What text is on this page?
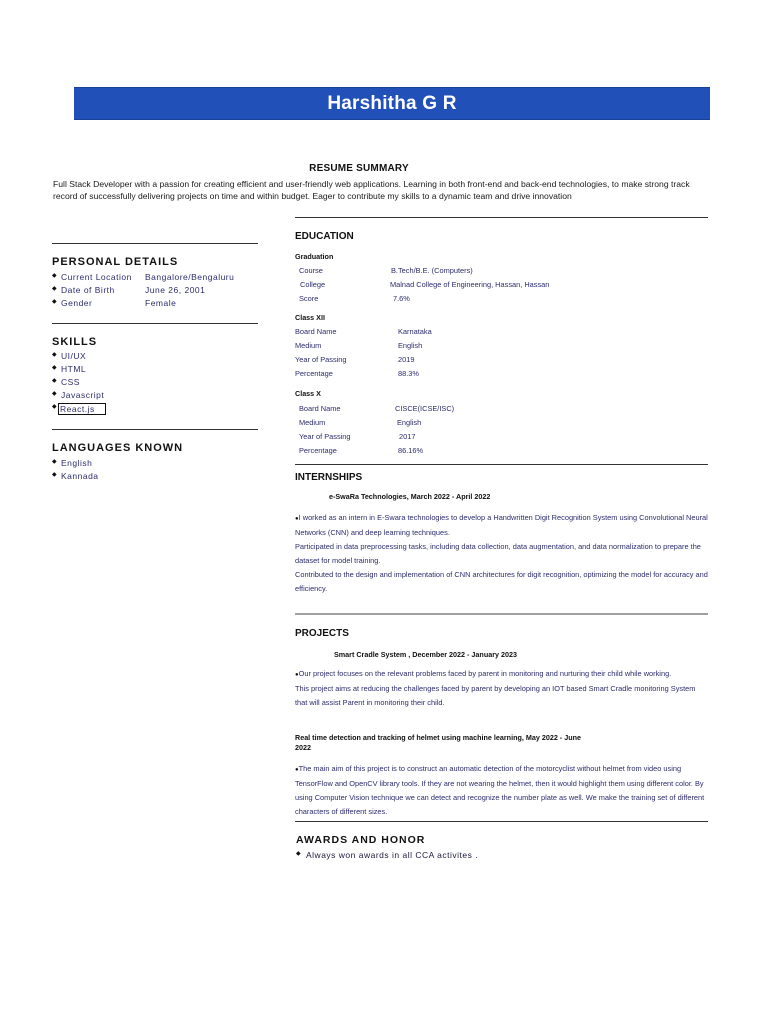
Harshitha G R
RESUME SUMMARY
Full Stack Developer with a passion for creating efficient and user-friendly web applications. Learning in both front-end and back-end technologies, to make strong track record of successfully delivering projects on time and within budget. Eager to contribute my skills to a dynamic team and drive innovation
PERSONAL DETAILS
◆ Current Location Bangalore/Bengaluru
◆ Date of Birth	June 26, 2001
◆ Gender	Female
SKILLS
◆ UI/UX
◆ HTML
◆ CSS
◆ Javascript
◆ React.js
LANGUAGES KNOWN
◆ English
◆ Kannada
EDUCATION
Graduation
Course	B.Tech/B.E. (Computers)
College	Malnad College of Engineering, Hassan, Hassan
Score	7.6%
Class XII
Board Name	Karnataka
Medium	English
Year of Passing	2019
Percentage	88.3%
Class X
Board Name	CISCE(ICSE/ISC)
Medium	English
Year of Passing	2017
Percentage	86.16%
INTERNSHIPS
e-SwaRa Technologies, March 2022 - April 2022
●I worked as an intern in E-Swara technologies to develop a Handwritten Digit Recognition System using Convolutional Neural Networks (CNN) and deep learning techniques.
Participated in data preprocessing tasks, including data collection, data augmentation, and data normalization to prepare the dataset for model training.
Contributed to the design and implementation of CNN architectures for digit recognition, optimizing the model for accuracy and efficiency.
PROJECTS
Smart Cradle System , December 2022 - January 2023
●Our project focuses on the relevant problems faced by parent in monitoring and nurturing their child while working.
This project aims at reducing the challenges faced by parent by developing an IOT based Smart Cradle monitoring System that will assist Parent in monitoring their child.
Real time detection and tracking of helmet using machine learning, May 2022 - June 2022
●The main aim of this project is to construct an automatic detection of the motorcyclist without helmet from video using TensorFlow and OpenCV library tools. If they are not wearing the helmet, then it would highlight them using different color. By using Computer Vision technique we can detect and recognize the number plate as well. We make the training set of different characters of different sizes.
AWARDS AND HONOR
◆ Always won awards in all CCA activites .
